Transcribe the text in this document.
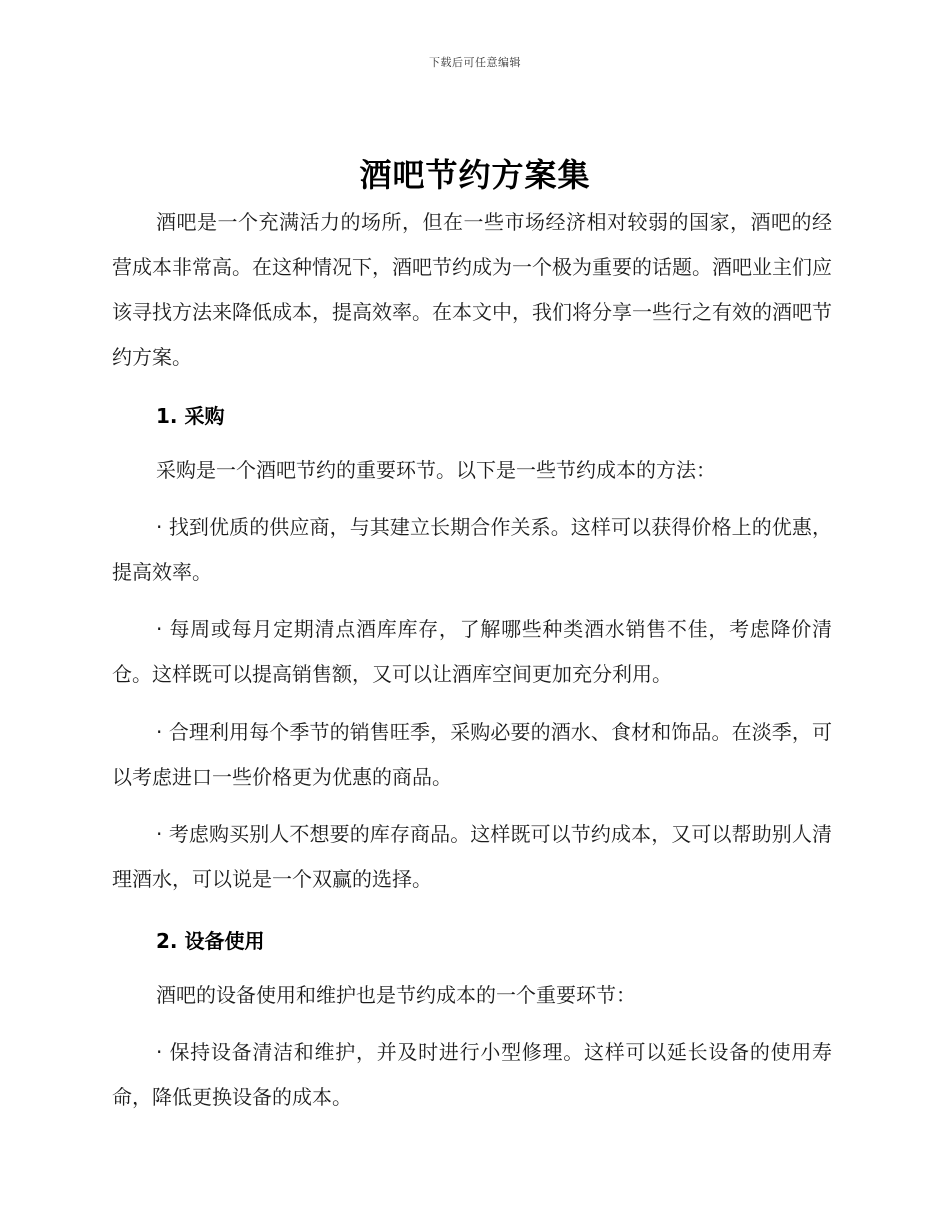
下载后可任意编辑
酒吧节约方案集
酒吧是一个充满活力的场所，但在一些市场经济相对较弱的国家，酒吧的经营成本非常高。在这种情况下，酒吧节约成为一个极为重要的话题。酒吧业主们应该寻找方法来降低成本，提高效率。在本文中，我们将分享一些行之有效的酒吧节约方案。
1. 采购
采购是一个酒吧节约的重要环节。以下是一些节约成本的方法：
· 找到优质的供应商，与其建立长期合作关系。这样可以获得价格上的优惠，提高效率。
· 每周或每月定期清点酒库库存，了解哪些种类酒水销售不佳，考虑降价清仓。这样既可以提高销售额，又可以让酒库空间更加充分利用。
· 合理利用每个季节的销售旺季，采购必要的酒水、食材和饰品。在淡季，可以考虑进口一些价格更为优惠的商品。
· 考虑购买别人不想要的库存商品。这样既可以节约成本，又可以帮助别人清理酒水，可以说是一个双赢的选择。
2. 设备使用
酒吧的设备使用和维护也是节约成本的一个重要环节：
· 保持设备清洁和维护，并及时进行小型修理。这样可以延长设备的使用寿命，降低更换设备的成本。
